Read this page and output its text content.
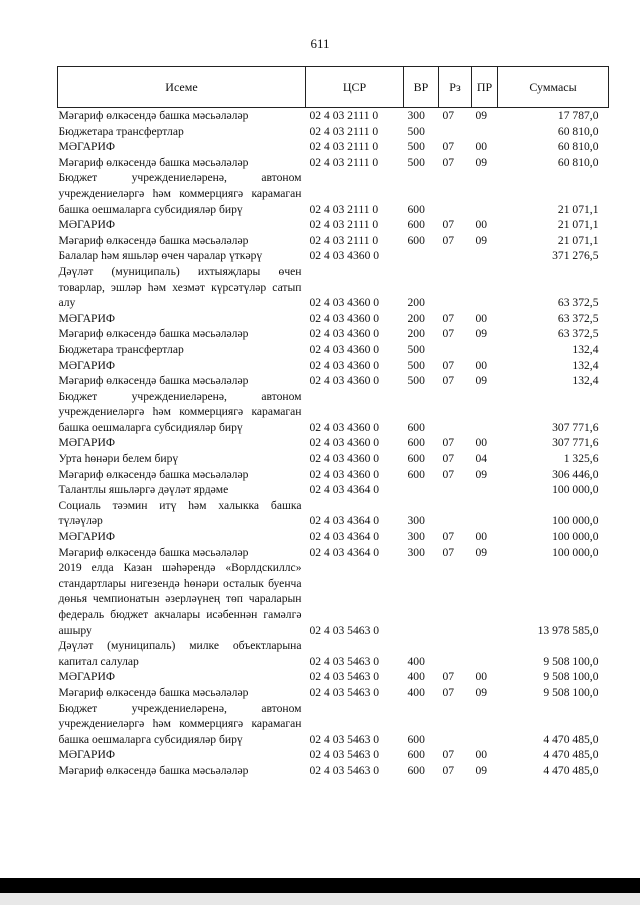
611
Исеме	ЦСР	ВР	Рз	ПР	Суммасы
Мәгариф өлкәсендә башка мәсьәләләр	02 4 03 2111 0	300	07	09	17 787,0
Бюджетара трансфертлар	02 4 03 2111 0	500			60 810,0
МӘГАРИФ	02 4 03 2111 0	500	07	00	60 810,0
Мәгариф өлкәсендә башка мәсьәләләр	02 4 03 2111 0	500	07	09	60 810,0
Бюджет учреждениеләренә, автоном учреждениеләргә һәм коммерциягә карамаган башка оешмаларга субсидияләр бирү	02 4 03 2111 0	600			21 071,1
МӘГАРИФ	02 4 03 2111 0	600	07	00	21 071,1
Мәгариф өлкәсендә башка мәсьәләләр	02 4 03 2111 0	600	07	09	21 071,1
Балалар һәм яшьләр өчен чаралар үткәрү	02 4 03 4360 0				371 276,5
Дәүләт (муниципаль) ихтыяҗлары өчен товарлар, эшләр һәм хезмәт күрсәтүләр сатып алу	02 4 03 4360 0	200			63 372,5
МӘГАРИФ	02 4 03 4360 0	200	07	00	63 372,5
Мәгариф өлкәсендә башка мәсьәләләр	02 4 03 4360 0	200	07	09	63 372,5
Бюджетара трансфертлар	02 4 03 4360 0	500			132,4
МӘГАРИФ	02 4 03 4360 0	500	07	00	132,4
Мәгариф өлкәсендә башка мәсьәләләр	02 4 03 4360 0	500	07	09	132,4
Бюджет учреждениеләренә, автоном учреждениеләргә һәм коммерциягә карамаган башка оешмаларга субсидияләр бирү	02 4 03 4360 0	600			307 771,6
МӘГАРИФ	02 4 03 4360 0	600	07	00	307 771,6
Урта һөнәри белем бирү	02 4 03 4360 0	600	07	04	1 325,6
Мәгариф өлкәсендә башка мәсьәләләр	02 4 03 4360 0	600	07	09	306 446,0
Талантлы яшьләргә дәүләт ярдәме	02 4 03 4364 0				100 000,0
Социаль тәэмин итү һәм халыкка башка түләүләр	02 4 03 4364 0	300			100 000,0
МӘГАРИФ	02 4 03 4364 0	300	07	00	100 000,0
Мәгариф өлкәсендә башка мәсьәләләр	02 4 03 4364 0	300	07	09	100 000,0
2019 елда Казан шәһәрендә «Ворлдскиллс» стандартлары нигезендә һөнәри осталык буенча дөнья чемпионатын әзерләүнең төп чараларын федераль бюджет акчалары исәбеннән гамәлгә ашыру	02 4 03 5463 0				13 978 585,0
Дәүләт (муниципаль) милке объектларына капитал салулар	02 4 03 5463 0	400			9 508 100,0
МӘГАРИФ	02 4 03 5463 0	400	07	00	9 508 100,0
Мәгариф өлкәсендә башка мәсьәләләр	02 4 03 5463 0	400	07	09	9 508 100,0
Бюджет учреждениеләренә, автоном учреждениеләргә һәм коммерциягә карамаган башка оешмаларга субсидияләр бирү	02 4 03 5463 0	600			4 470 485,0
МӘГАРИФ	02 4 03 5463 0	600	07	00	4 470 485,0
Мәгариф өлкәсендә башка мәсьәләләр	02 4 03 5463 0	600	07	09	4 470 485,0
